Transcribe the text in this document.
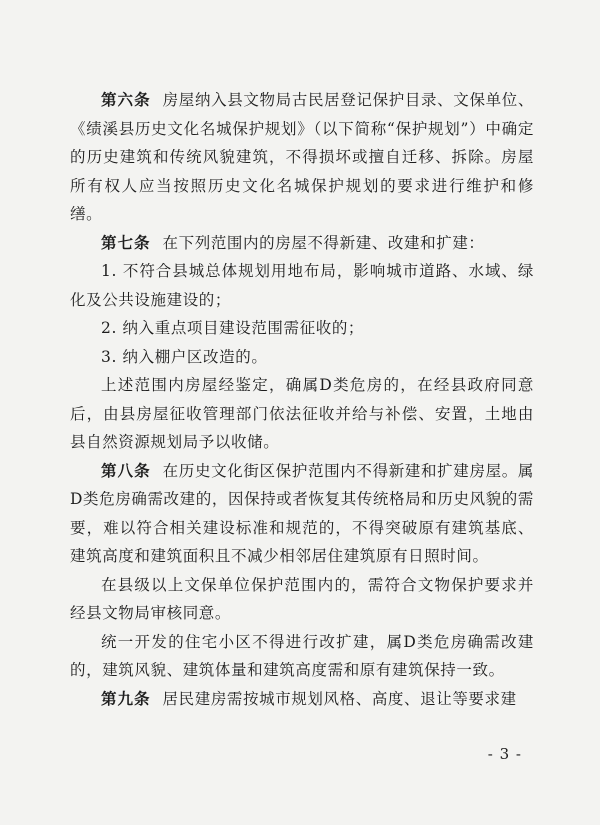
第六条 房屋纳入县文物局古民居登记保护目录、文保单位、《绩溪县历史文化名城保护规划》（以下简称“保护规划”）中确定的历史建筑和传统风貌建筑，不得损坏或擅自迁移、拆除。房屋所有权人应当按照历史文化名城保护规划的要求进行维护和修缮。

第七条 在下列范围内的房屋不得新建、改建和扩建：

1. 不符合县城总体规划用地布局，影响城市道路、水域、绿化及公共设施建设的；

2. 纳入重点项目建设范围需征收的；

3. 纳入棚户区改造的。

上述范围内房屋经鉴定，确属D类危房的，在经县政府同意后，由县房屋征收管理部门依法征收并给与补偿、安置，土地由县自然资源规划局予以收储。

第八条 在历史文化街区保护范围内不得新建和扩建房屋。属D类危房确需改建的，因保持或者恢复其传统格局和历史风貌的需要，难以符合相关建设标准和规范的，不得突破原有建筑基底、建筑高度和建筑面积且不减少相邻居住建筑原有日照时间。

在县级以上文保单位保护范围内的，需符合文物保护要求并经县文物局审核同意。

统一开发的住宅小区不得进行改扩建，属D类危房确需改建的，建筑风貌、建筑体量和建筑高度需和原有建筑保持一致。

第九条 居民建房需按城市规划风格、高度、退让等要求建

- 3 -
